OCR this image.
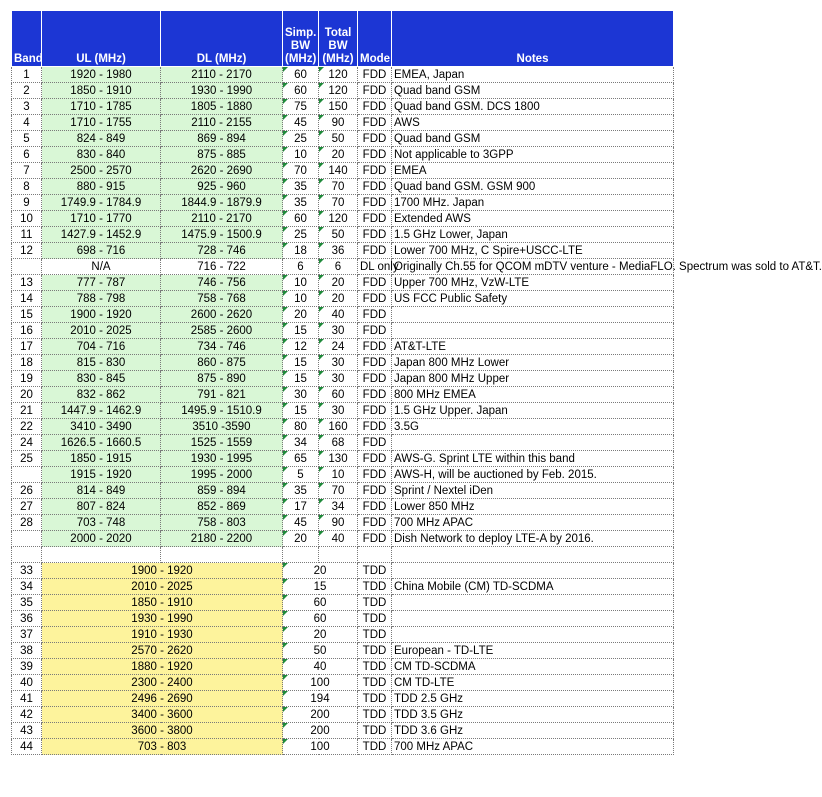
Band	UL (MHz)	DL (MHz)	Simp. BW (MHz)	Total BW (MHz)	Mode	Notes
1	1920 - 1980	2110 - 2170	60	120	FDD	EMEA, Japan
2	1850 - 1910	1930 - 1990	60	120	FDD	Quad band GSM
3	1710 - 1785	1805 - 1880	75	150	FDD	Quad band GSM. DCS 1800
4	1710 - 1755	2110 - 2155	45	90	FDD	AWS
5	824 - 849	869 - 894	25	50	FDD	Quad band GSM
6	830 - 840	875 - 885	10	20	FDD	Not applicable to 3GPP
7	2500 - 2570	2620 - 2690	70	140	FDD	EMEA
8	880 - 915	925 - 960	35	70	FDD	Quad band GSM. GSM 900
9	1749.9 - 1784.9	1844.9 - 1879.9	35	70	FDD	1700 MHz. Japan
10	1710 - 1770	2110 - 2170	60	120	FDD	Extended AWS
11	1427.9 - 1452.9	1475.9 - 1500.9	25	50	FDD	1.5 GHz Lower, Japan
12	698 - 716	728 - 746	18	36	FDD	Lower 700 MHz, C Spire+USCC-LTE
	N/A	716 - 722	6	6	DL only	Originally Ch.55 for QCOM mDTV venture - MediaFLO. Spectrum was sold to AT&T.
13	777 - 787	746 - 756	10	20	FDD	Upper 700 MHz, VzW-LTE
14	788 - 798	758 - 768	10	20	FDD	US FCC Public Safety
15	1900 - 1920	2600 - 2620	20	40	FDD	
16	2010 - 2025	2585 - 2600	15	30	FDD	
17	704 - 716	734 - 746	12	24	FDD	AT&T-LTE
18	815 - 830	860 - 875	15	30	FDD	Japan 800 MHz Lower
19	830 - 845	875 - 890	15	30	FDD	Japan 800 MHz Upper
20	832 - 862	791 - 821	30	60	FDD	800 MHz EMEA
21	1447.9 - 1462.9	1495.9 - 1510.9	15	30	FDD	1.5 GHz Upper. Japan
22	3410 - 3490	3510 -3590	80	160	FDD	3.5G
24	1626.5 - 1660.5	1525 - 1559	34	68	FDD	
25	1850 - 1915	1930 - 1995	65	130	FDD	AWS-G. Sprint LTE within this band
	1915 - 1920	1995 - 2000	5	10	FDD	AWS-H, will be auctioned by Feb. 2015.
26	814 - 849	859 - 894	35	70	FDD	Sprint / Nextel iDen
27	807 - 824	852 - 869	17	34	FDD	Lower 850 MHz
28	703 - 748	758 - 803	45	90	FDD	700 MHz APAC
	2000 - 2020	2180 - 2200	20	40	FDD	Dish Network to deploy LTE-A by 2016.

33	1900 - 1920		20		TDD	
34	2010 - 2025		15		TDD	China Mobile (CM) TD-SCDMA
35	1850 - 1910		60		TDD	
36	1930 - 1990		60		TDD	
37	1910 - 1930		20		TDD	
38	2570 - 2620		50		TDD	European - TD-LTE
39	1880 - 1920		40		TDD	CM TD-SCDMA
40	2300 - 2400		100		TDD	CM TD-LTE
41	2496 - 2690		194		TDD	TDD 2.5 GHz
42	3400 - 3600		200		TDD	TDD 3.5 GHz
43	3600 - 3800		200		TDD	TDD 3.6 GHz
44	703 - 803		100		TDD	700 MHz APAC
